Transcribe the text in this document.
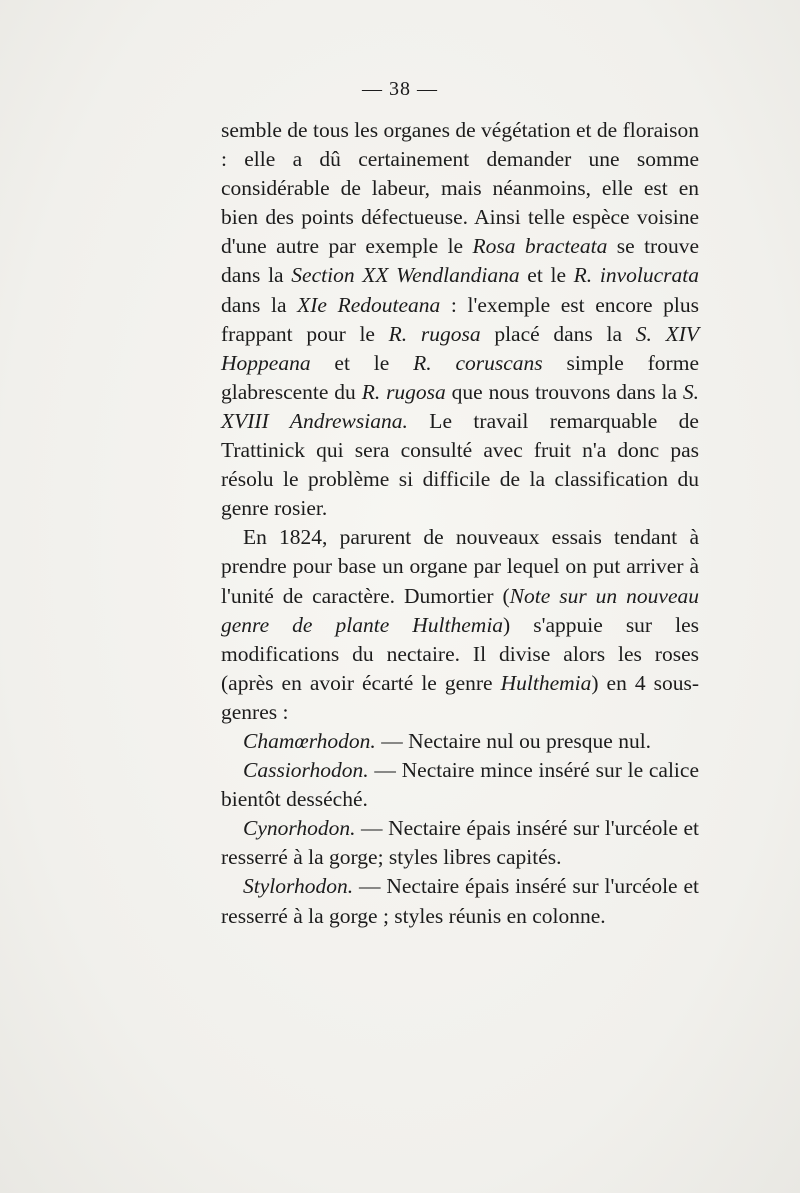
— 38 —

semble de tous les organes de végétation et de floraison : elle a dû certainement demander une somme considérable de labeur, mais néanmoins, elle est en bien des points défectueuse. Ainsi telle espèce voisine d'une autre par exemple le Rosa bracteata se trouve dans la Section XX Wendlandiana et le R. involucrata dans la XIe Redouteana : l'exemple est encore plus frappant pour le R. rugosa placé dans la S. XIV Hoppeana et le R. coruscans simple forme glabrescente du R. rugosa que nous trouvons dans la S. XVIII Andrewsiana. Le travail remarquable de Trattinick qui sera consulté avec fruit n'a donc pas résolu le problème si difficile de la classification du genre rosier.

En 1824, parurent de nouveaux essais tendant à prendre pour base un organe par lequel on put arriver à l'unité de caractère. Dumortier (Note sur un nouveau genre de plante Hulthemia) s'appuie sur les modifications du nectaire. Il divise alors les roses (après en avoir écarté le genre Hulthemia) en 4 sous-genres :

Chamœrhodon. — Nectaire nul ou presque nul.

Cassiorhodon. — Nectaire mince inséré sur le calice bientôt desséché.

Cynorhodon. — Nectaire épais inséré sur l'urcéole et resserré à la gorge; styles libres capités.

Stylorhodon. — Nectaire épais inséré sur l'urcéole et resserré à la gorge ; styles réunis en colonne.
